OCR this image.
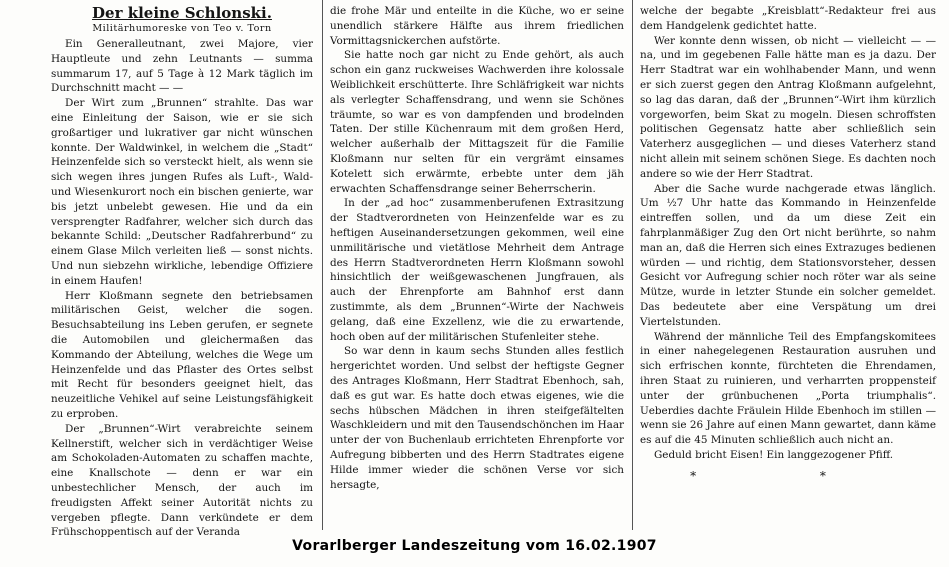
Der kleine Schlonski.
Militärhumoreske von Teo v. Torn

Ein Generalleutnant, zwei Majore, vier Hauptleute und zehn Leutnants — summa summarum 17, auf 5 Tage à 12 Mark täglich im Durchschnitt macht — —

Der Wirt zum „Brunnen“ strahlte. Das war eine Einleitung der Saison, wie er sie sich großartiger und lukrativer gar nicht wünschen konnte. Der Waldwinkel, in welchem die „Stadt“ Heinzenfelde sich so versteckt hielt, als wenn sie sich wegen ihres jungen Rufes als Luft-, Wald- und Wiesenkurort noch ein bischen genierte, war bis jetzt unbelebt gewesen. Hie und da ein versprengter Radfahrer, welcher sich durch das bekannte Schild: „Deutscher Radfahrerbund“ zu einem Glase Milch verleiten ließ — sonst nichts. Und nun siebzehn wirkliche, lebendige Offiziere in einem Haufen!

Herr Kloßmann segnete den betriebsamen militärischen Geist, welcher die sogen. Besuchsabteilung ins Leben gerufen, er segnete die Automobilen und gleichermaßen das Kommando der Abteilung, welches die Wege um Heinzenfelde und das Pflaster des Ortes selbst mit Recht für besonders geeignet hielt, das neuzeitliche Vehikel auf seine Leistungsfähigkeit zu erproben.

Der „Brunnen“-Wirt verabreichte seinem Kellnerstift, welcher sich in verdächtiger Weise am Schokoladen-Automaten zu schaffen machte, eine Knallschote — denn er war ein unbestechlicher Mensch, der auch im freudigsten Affekt seiner Autorität nichts zu vergeben pflegte. Dann verkündete er dem Frühschoppentisch auf der Veranda

die frohe Mär und enteilte in die Küche, wo er seine unendlich stärkere Hälfte aus ihrem friedlichen Vormittagsnickerchen aufstörte.

Sie hatte noch gar nicht zu Ende gehört, als auch schon ein ganz ruckweises Wachwerden ihre kolossale Weiblichkeit erschütterte. Ihre Schläfrigkeit war nichts als verlegter Schaffensdrang, und wenn sie Schönes träumte, so war es von dampfenden und brodelnden Taten. Der stille Küchenraum mit dem großen Herd, welcher außerhalb der Mittagszeit für die Familie Kloßmann nur selten für ein vergrämt einsames Kotelett sich erwärmte, erbebte unter dem jäh erwachten Schaffensdrange seiner Beherrscherin.

In der „ad hoc“ zusammenberufenen Extrasitzung der Stadtverordneten von Heinzenfelde war es zu heftigen Auseinandersetzungen gekommen, weil eine unmilitärische und vietätlose Mehrheit dem Antrage des Herrn Stadtverordneten Herrn Kloßmann sowohl hinsichtlich der weißgewaschenen Jungfrauen, als auch der Ehrenpforte am Bahnhof erst dann zustimmte, als dem „Brunnen“-Wirte der Nachweis gelang, daß eine Exzellenz, wie die zu erwartende, hoch oben auf der militärischen Stufenleiter stehe.

So war denn in kaum sechs Stunden alles festlich hergerichtet worden. Und selbst der heftigste Gegner des Antrages Kloßmann, Herr Stadtrat Ebenhoch, sah, daß es gut war. Es hatte doch etwas eigenes, wie die sechs hübschen Mädchen in ihren steifgefältelten Waschkleidern und mit den Tausendschönchen im Haar unter der von Buchenlaub errichteten Ehrenpforte vor Aufregung bibberten und des Herrn Stadtrates eigene Hilde immer wieder die schönen Verse vor sich hersagte,

welche der begabte „Kreisblatt“-Redakteur frei aus dem Handgelenk gedichtet hatte.

Wer konnte denn wissen, ob nicht — vielleicht — — na, und im gegebenen Falle hätte man es ja dazu. Der Herr Stadtrat war ein wohlhabender Mann, und wenn er sich zuerst gegen den Antrag Kloßmann aufgelehnt, so lag das daran, daß der „Brunnen“-Wirt ihm kürzlich vorgeworfen, beim Skat zu mogeln. Diesen schroffsten politischen Gegensatz hatte aber schließlich sein Vaterherz ausgeglichen — und dieses Vaterherz stand nicht allein mit seinem schönen Siege. Es dachten noch andere so wie der Herr Stadtrat.

Aber die Sache wurde nachgerade etwas länglich. Um ½7 Uhr hatte das Kommando in Heinzenfelde eintreffen sollen, und da um diese Zeit ein fahrplanmäßiger Zug den Ort nicht berührte, so nahm man an, daß die Herren sich eines Extrazuges bedienen würden — und richtig, dem Stationsvorsteher, dessen Gesicht vor Aufregung schier noch röter war als seine Mütze, wurde in letzter Stunde ein solcher gemeldet. Das bedeutete aber eine Verspätung um drei Viertelstunden.

Während der männliche Teil des Empfangskomitees in einer nahegelegenen Restauration ausruhen und sich erfrischen konnte, fürchteten die Ehrendamen, ihren Staat zu ruinieren, und verharrten proppensteif unter der grünbuchenen „Porta triumphalis“. Ueberdies dachte Fräulein Hilde Ebenhoch im stillen — wenn sie 26 Jahre auf einen Mann gewartet, dann käme es auf die 45 Minuten schließlich auch nicht an.

Geduld bricht Eisen! Ein langgezogener Pfiff.

* *
Vorarlberger Landeszeitung vom 16.02.1907
